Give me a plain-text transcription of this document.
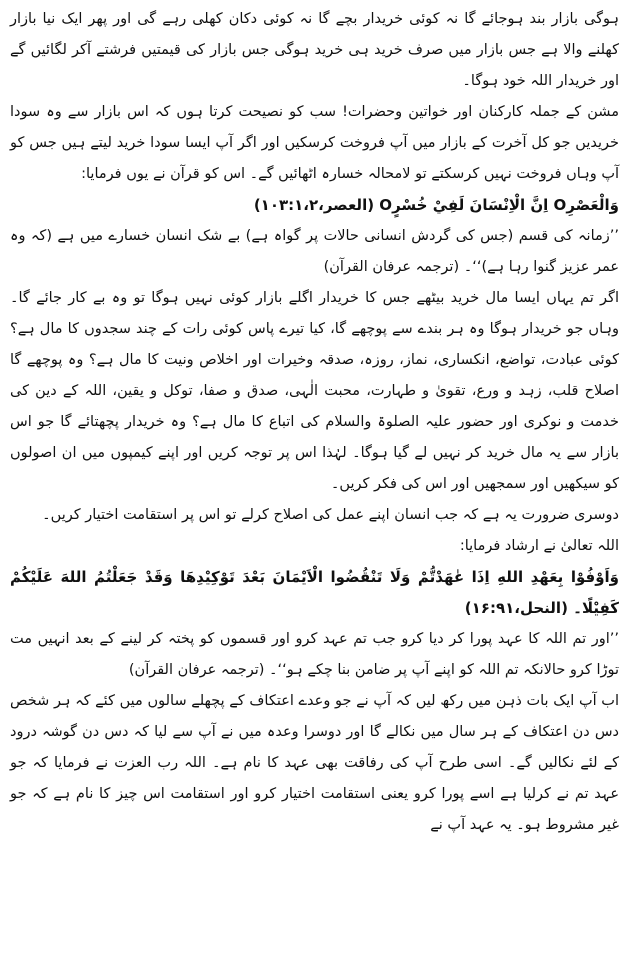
ہوگی بازار بند ہوجائے گا نہ کوئی خریدار بچے گا نہ کوئی دکان کھلی رہے گی اور پھر ایک نیا بازار کھلنے والا ہے جس بازار میں صرف خرید ہی خرید ہوگی جس بازار کی قیمتیں فرشتے آکر لگائیں گے اور خریدار اللہ خود ہوگا۔

مشن کے جملہ کارکنان اور خواتین وحضرات! سب کو نصیحت کرتا ہوں کہ اس بازار سے وہ سودا خریدیں جو کل آخرت کے بازار میں آپ فروخت کرسکیں اور اگر آپ ایسا سودا خرید لیتے ہیں جس کو آپ وہاں فروخت نہیں کرسکتے تو لامحالہ خسارہ اٹھائیں گے۔ اس کو قرآن نے یوں فرمایا:

وَالْعَصْرِO اِنَّ الْاِنْسَانَ لَفِيْ خُسْرٍO (العصر،۱۰۳:۱،۲)

’’زمانہ کی قسم (جس کی گردش انسانی حالات پر گواہ ہے) بے شک انسان خسارے میں ہے (کہ وہ عمر عزیز گنوا رہا ہے)‘‘۔ (ترجمہ عرفان القرآن)

اگر تم یہاں ایسا مال خرید بیٹھے جس کا خریدار اگلے بازار کوئی نہیں ہوگا تو وہ بے کار جائے گا۔ وہاں جو خریدار ہوگا وہ ہر بندے سے پوچھے گا، کیا تیرے پاس کوئی رات کے چند سجدوں کا مال ہے؟ کوئی عبادت، تواضع، انکساری، نماز، روزہ، صدقہ وخیرات اور اخلاص ونیت کا مال ہے؟ وہ پوچھے گا اصلاح قلب، زہد و ورع، تقویٰ و طہارت، محبت الٰہی، صدق و صفا، توکل و یقین، اللہ کے دین کی خدمت و نوکری اور حضور علیہ الصلوۃ والسلام کی اتباع کا مال ہے؟ وہ خریدار پچھتائے گا جو اس بازار سے یہ مال خرید کر نہیں لے گیا ہوگا۔ لہٰذا اس پر توجہ کریں اور اپنے کیمپوں میں ان اصولوں کو سیکھیں اور سمجھیں اور اس کی فکر کریں۔

دوسری ضرورت یہ ہے کہ جب انسان اپنے عمل کی اصلاح کرلے تو اس پر استقامت اختیار کریں۔

اللہ تعالیٰ نے ارشاد فرمایا:

وَاَوْفُوْا بِعَهْدِ اللهِ اِذَا عٰهَدْتُّمْ وَلَا تَنْقُضُوا الْاَيْمَانَ بَعْدَ تَوْكِيْدِهَا وَقَدْ جَعَلْتُمُ اللهَ عَلَيْكُمْ كَفِيْلًا۔ (النحل،۱۶:۹۱)

’’اور تم اللہ کا عہد پورا کر دیا کرو جب تم عہد کرو اور قسموں کو پختہ کر لینے کے بعد انہیں مت توڑا کرو حالانکہ تم اللہ کو اپنے آپ پر ضامن بنا چکے ہو‘‘۔ (ترجمہ عرفان القرآن)

اب آپ ایک بات ذہن میں رکھ لیں کہ آپ نے جو وعدے اعتکاف کے پچھلے سالوں میں کئے کہ ہر شخص دس دن اعتکاف کے ہر سال میں نکالے گا اور دوسرا وعدہ میں نے آپ سے لیا کہ دس دن گوشہ درود کے لئے نکالیں گے۔ اسی طرح آپ کی رفاقت بھی عہد کا نام ہے۔ اللہ رب العزت نے فرمایا کہ جو عہد تم نے کرلیا ہے اسے پورا کرو یعنی استقامت اختیار کرو اور استقامت اس چیز کا نام ہے کہ جو غیر مشروط ہو۔ یہ عہد آپ نے
